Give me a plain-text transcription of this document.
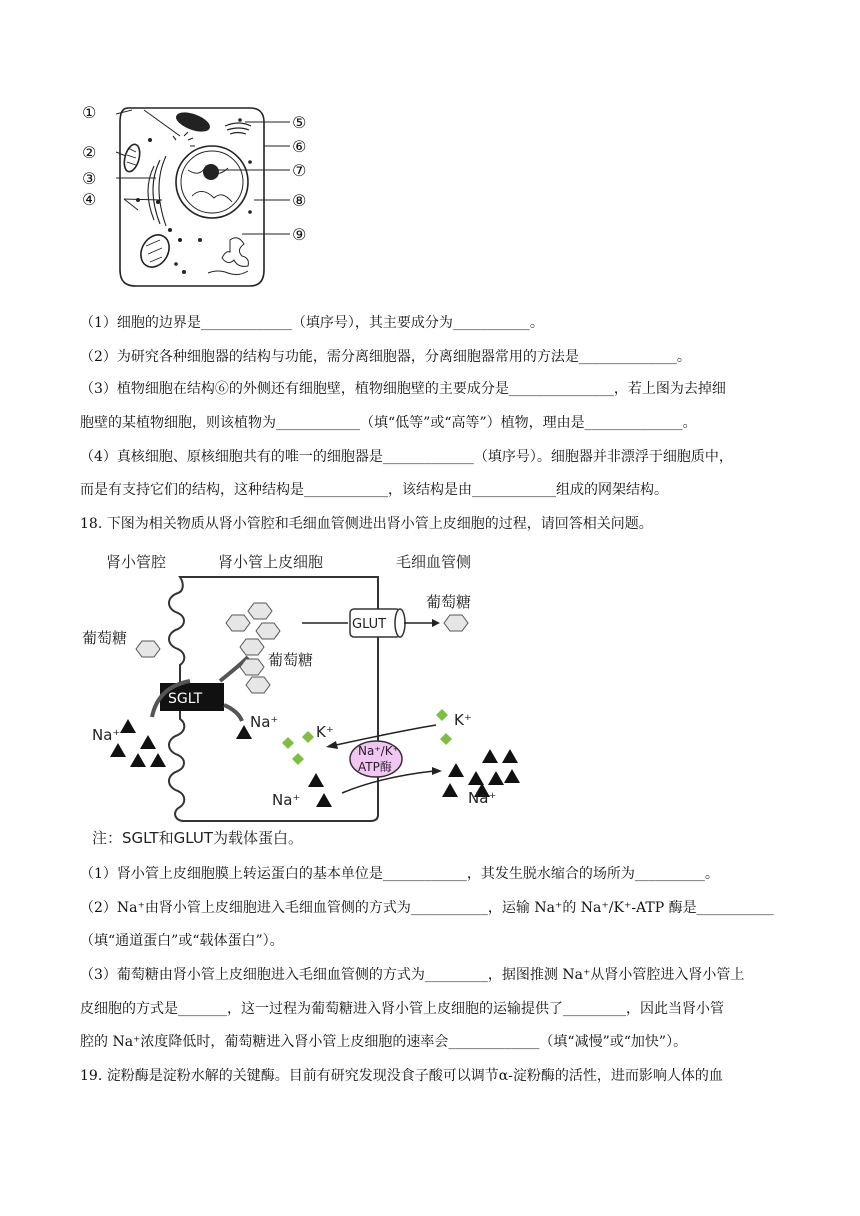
①
②
③
④
⑤
⑥
⑦
⑧
⑨
（1）细胞的边界是_____________（填序号），其主要成分为___________。
（2）为研究各种细胞器的结构与功能，需分离细胞器，分离细胞器常用的方法是______________。
（3）植物细胞在结构⑥的外侧还有细胞壁，植物细胞壁的主要成分是_______________，若上图为去掉细
胞壁的某植物细胞，则该植物为____________（填“低等”或“高等”）植物，理由是______________。
（4）真核细胞、原核细胞共有的唯一的细胞器是_____________（填序号）。细胞器并非漂浮于细胞质中，
而是有支持它们的结构，这种结构是____________，该结构是由____________组成的网架结构。
18. 下图为相关物质从肾小管腔和毛细血管侧进出肾小管上皮细胞的过程，请回答相关问题。
肾小管腔	肾小管上皮细胞	毛细血管侧
GLUT
葡萄糖
SGLT
葡萄糖
葡萄糖
Na⁺
Na⁺
Na⁺	Na⁺
K⁺
K⁺
Na⁺/K⁺
ATP酶
注：SGLT和GLUT为载体蛋白。
（1）肾小管上皮细胞膜上转运蛋白的基本单位是____________，其发生脱水缩合的场所为__________。
（2）Na⁺由肾小管上皮细胞进入毛细血管侧的方式为___________，运输 Na⁺的 Na⁺/K⁺-ATP 酶是___________
（填“通道蛋白”或“载体蛋白”）。
（3）葡萄糖由肾小管上皮细胞进入毛细血管侧的方式为_________，据图推测 Na⁺从肾小管腔进入肾小管上
皮细胞的方式是_______，这一过程为葡萄糖进入肾小管上皮细胞的运输提供了_________，因此当肾小管
腔的 Na⁺浓度降低时，葡萄糖进入肾小管上皮细胞的速率会_____________（填“减慢”或“加快”）。
19. 淀粉酶是淀粉水解的关键酶。目前有研究发现没食子酸可以调节α-淀粉酶的活性，进而影响人体的血
